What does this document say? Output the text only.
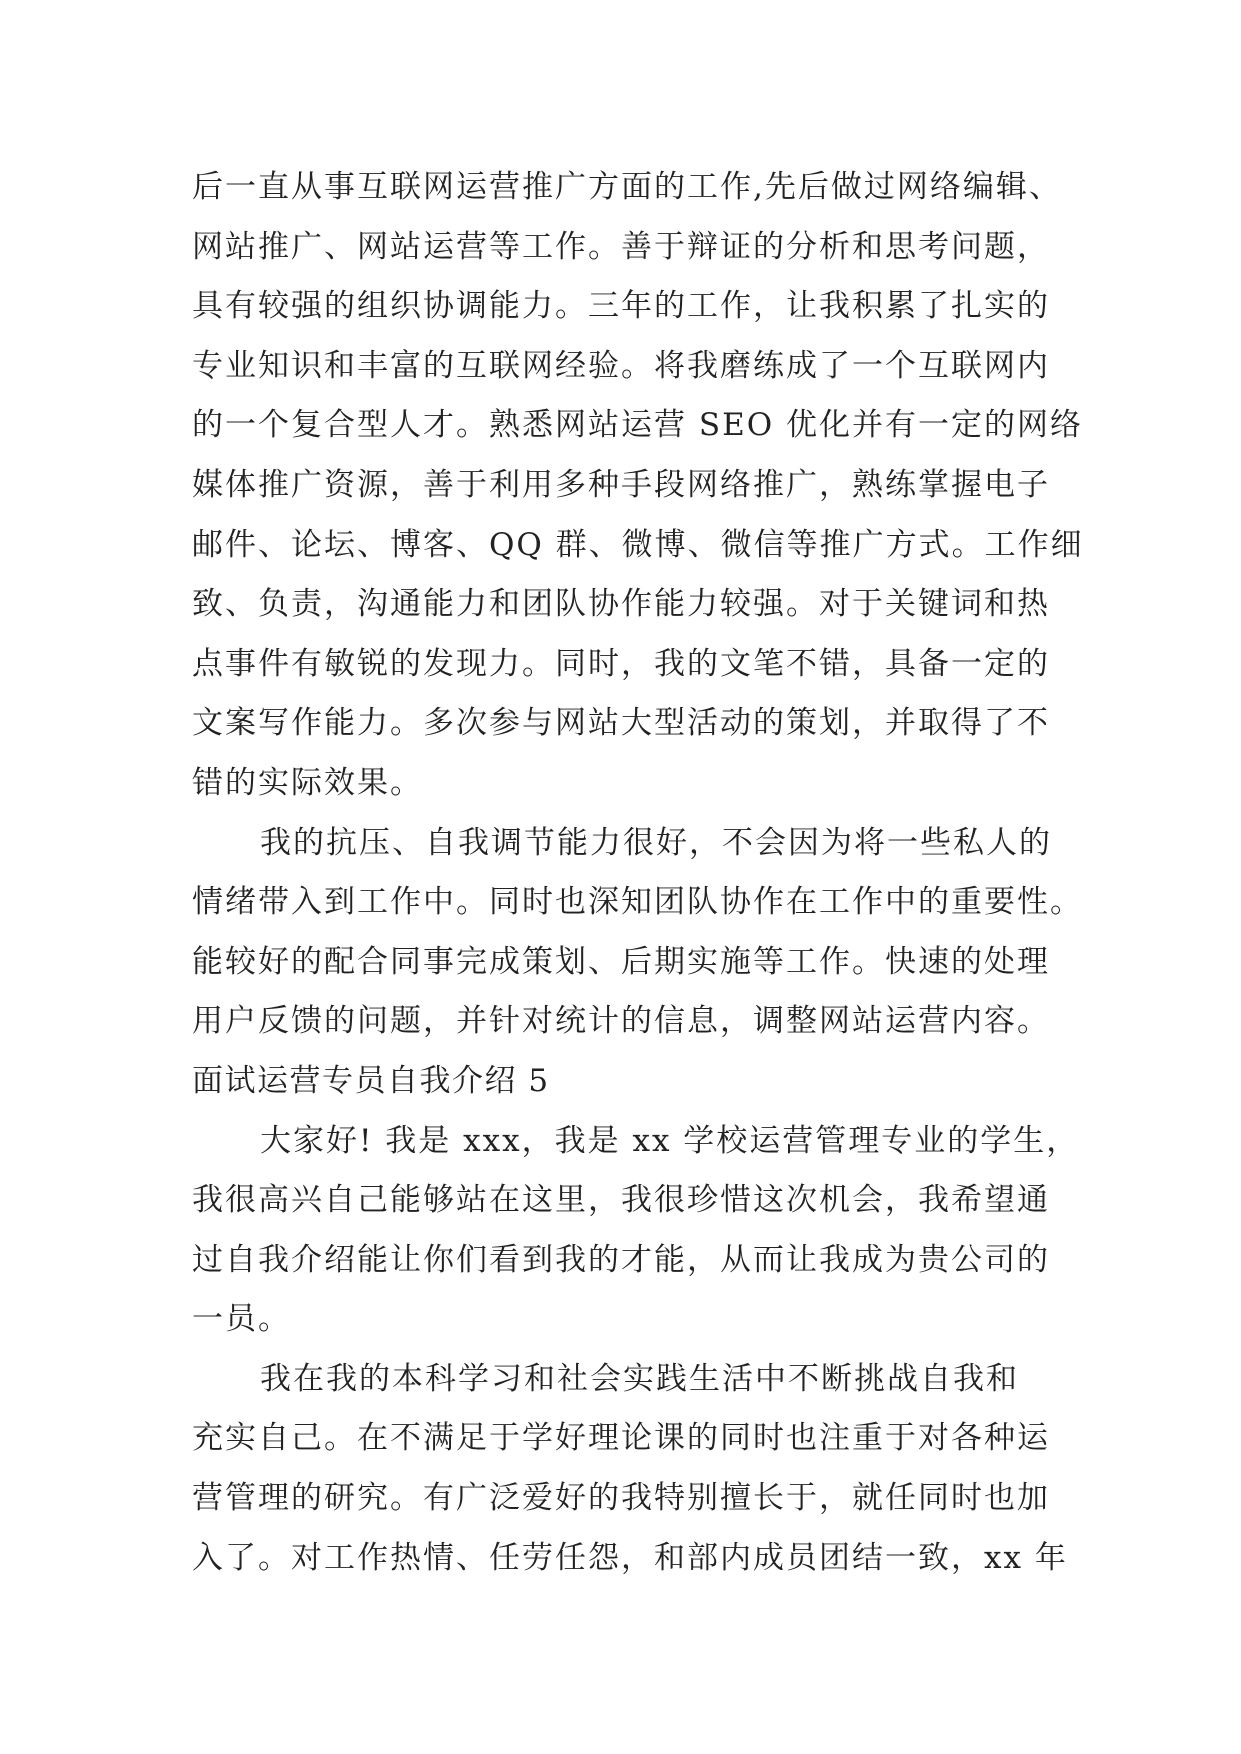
后一直从事互联网运营推广方面的工作,先后做过网络编辑、
网站推广、网站运营等工作。善于辩证的分析和思考问题，
具有较强的组织协调能力。三年的工作，让我积累了扎实的
专业知识和丰富的互联网经验。将我磨练成了一个互联网内
的一个复合型人才。熟悉网站运营 SEO 优化并有一定的网络
媒体推广资源，善于利用多种手段网络推广，熟练掌握电子
邮件、论坛、博客、QQ 群、微博、微信等推广方式。工作细
致、负责，沟通能力和团队协作能力较强。对于关键词和热
点事件有敏锐的发现力。同时，我的文笔不错，具备一定的
文案写作能力。多次参与网站大型活动的策划，并取得了不
错的实际效果。
我的抗压、自我调节能力很好，不会因为将一些私人的
情绪带入到工作中。同时也深知团队协作在工作中的重要性。
能较好的配合同事完成策划、后期实施等工作。快速的处理
用户反馈的问题，并针对统计的信息，调整网站运营内容。
面试运营专员自我介绍 5
大家好! 我是 xxx，我是 xx 学校运营管理专业的学生，
我很高兴自己能够站在这里，我很珍惜这次机会，我希望通
过自我介绍能让你们看到我的才能，从而让我成为贵公司的
一员。
我在我的本科学习和社会实践生活中不断挑战自我和
充实自己。在不满足于学好理论课的同时也注重于对各种运
营管理的研究。有广泛爱好的我特别擅长于，就任同时也加
入了。对工作热情、任劳任怨，和部内成员团结一致，xx 年
